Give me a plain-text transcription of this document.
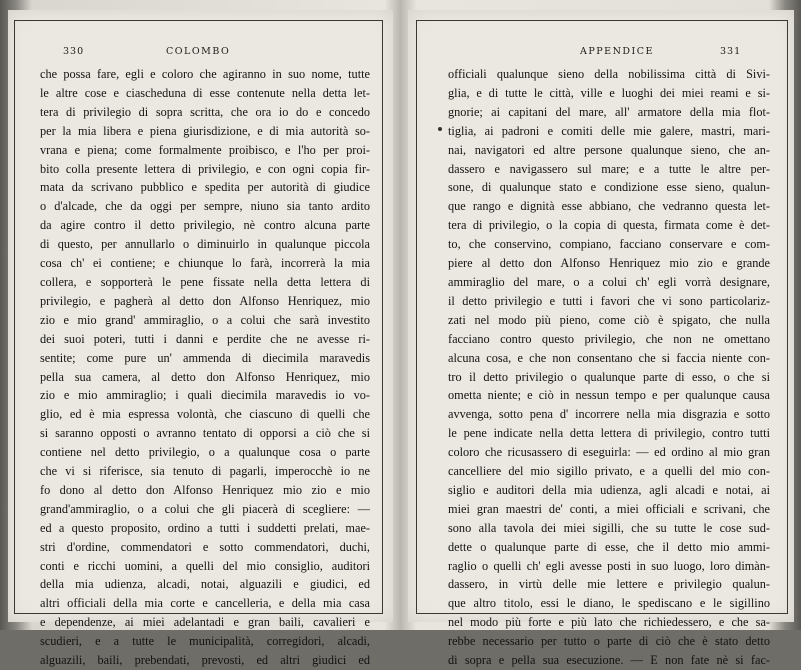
330	COLOMBO
che possa fare, egli e coloro che agiranno in suo nome, tutte
le altre cose e ciascheduna di esse contenute nella detta let-
tera di privilegio di sopra scritta, che ora io do e concedo
per la mia libera e piena giurisdizione, e di mia autorità so-
vrana e piena; come formalmente proibisco, e l'ho per proi-
bito colla presente lettera di privilegio, e con ogni copia fir-
mata da scrivano pubblico e spedita per autorità di giudice
o d'alcade, che da oggi per sempre, niuno sia tanto ardito
da agire contro il detto privilegio, nè contro alcuna parte
di questo, per annullarlo o diminuirlo in qualunque piccola
cosa ch' ei contiene; e chiunque lo farà, incorrerà la mia
collera, e sopporterà le pene fissate nella detta lettera di
privilegio, e pagherà al detto don Alfonso Henriquez, mio
zio e mio grand' ammiraglio, o a colui che sarà investito
dei suoi poteri, tutti i danni e perdite che ne avesse ri-
sentite; come pure un' ammenda di diecimila maravedis
pella sua camera, al detto don Alfonso Henriquez, mio
zio e mio ammiraglio; i quali diecimila maravedis io vo-
glio, ed è mia espressa volontà, che ciascuno di quelli che
si saranno opposti o avranno tentato di opporsi a ciò che si
contiene nel detto privilegio, o a qualunque cosa o parte
che vi si riferisce, sia tenuto di pagarli, imperocchè io ne
fo dono al detto don Alfonso Henriquez mio zio e mio
grand'ammiraglio, o a colui che gli piacerà di scegliere: —
ed a questo proposito, ordino a tutti i suddetti prelati, mae-
stri d'ordine, commendatori e sotto commendatori, duchi,
conti e ricchi uomini, a quelli del mio consiglio, auditori
della mia udienza, alcadi, notai, alguazili e giudici, ed
altri officiali della mia corte e cancelleria, e della mia casa
e dependenze, ai miei adelantadi e gran baili, cavalieri e
scudieri, e a tutte le municipalità, corregidori, alcadi,
alguazili, baili, prebendati, prevosti, ed altri giudici ed
APPENDICE	331
officiali qualunque sieno della nobilissima città di Sivi-
glia, e di tutte le città, ville e luoghi dei miei reami e si-
gnorie; ai capitani del mare, all' armatore della mia flot-
tiglia, ai padroni e comiti delle mie galere, mastri, mari-
nai, navigatori ed altre persone qualunque sieno, che an-
dassero e navigassero sul mare; e a tutte le altre per-
sone, di qualunque stato e condizione esse sieno, qualun-
que rango e dignità esse abbiano, che vedranno questa let-
tera di privilegio, o la copia di questa, firmata come è det-
to, che conservino, compiano, facciano conservare e com-
piere al detto don Alfonso Henriquez mio zio e grande
ammiraglio del mare, o a colui ch' egli vorrà designare,
il detto privilegio e tutti i favori che vi sono particolariz-
zati nel modo più pieno, come ciò è spigato, che nulla
facciano contro questo privilegio, che non ne omettano
alcuna cosa, e che non consentano che si faccia niente con-
tro il detto privilegio o qualunque parte di esso, o che si
ometta niente; e ciò in nessun tempo e per qualunque causa
avvenga, sotto pena d' incorrere nella mia disgrazia e sotto
le pene indicate nella detta lettera di privilegio, contro tutti
coloro che ricusassero di eseguirla: — ed ordino al mio gran
cancelliere del mio sigillo privato, e a quelli del mio con-
siglio e auditori della mia udienza, agli alcadi e notai, ai
miei gran maestri de' conti, a miei officiali e scrivani, che
sono alla tavola dei miei sigilli, che su tutte le cose sud-
dette o qualunque parte di esse, che il detto mio ammi-
raglio o quelli ch' egli avesse posti in suo luogo, loro dimàn-
dassero, in virtù delle mie lettere e privilegio qualun-
que altro titolo, essi le diano, le spediscano e le sigillino
nel modo più forte e più lato che richiedessero, e che sa-
rebbe necessario per tutto o parte di ciò che è stato detto
di sopra e pella sua esecuzione. — E non fate nè si fac-
